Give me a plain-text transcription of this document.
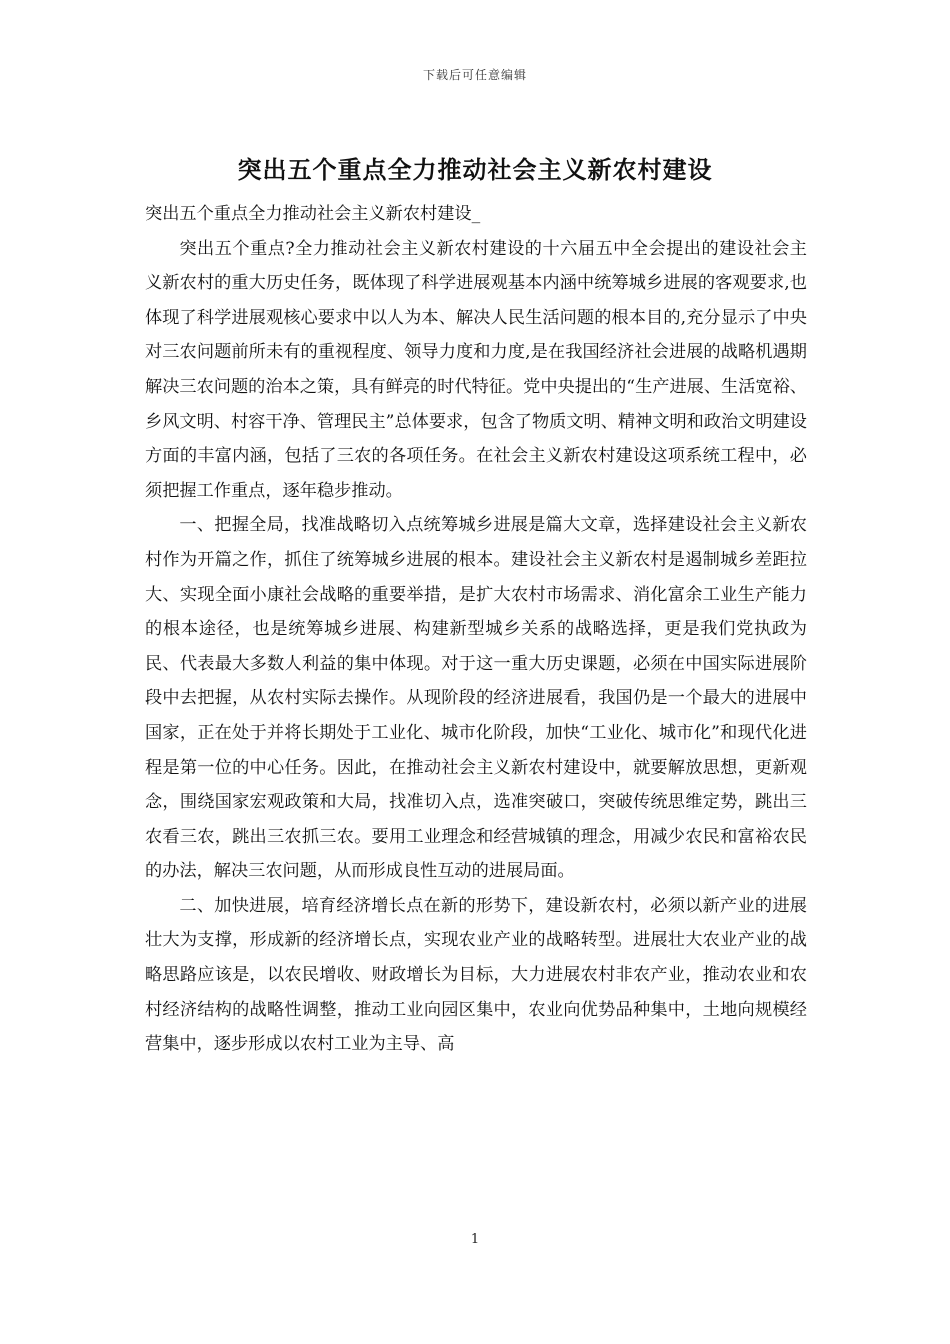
下载后可任意编辑
突出五个重点全力推动社会主义新农村建设

突出五个重点全力推动社会主义新农村建设_

突出五个重点?全力推动社会主义新农村建设的十六届五中全会提出的建设社会主义新农村的重大历史任务，既体现了科学进展观基本内涵中统筹城乡进展的客观要求,也体现了科学进展观核心要求中以人为本、解决人民生活问题的根本目的,充分显示了中央对三农问题前所未有的重视程度、领导力度和力度,是在我国经济社会进展的战略机遇期解决三农问题的治本之策，具有鲜亮的时代特征。党中央提出的“生产进展、生活宽裕、乡风文明、村容干净、管理民主”总体要求，包含了物质文明、精神文明和政治文明建设方面的丰富内涵，包括了三农的各项任务。在社会主义新农村建设这项系统工程中，必须把握工作重点，逐年稳步推动。

一、把握全局，找准战略切入点统筹城乡进展是篇大文章，选择建设社会主义新农村作为开篇之作，抓住了统筹城乡进展的根本。建设社会主义新农村是遏制城乡差距拉大、实现全面小康社会战略的重要举措，是扩大农村市场需求、消化富余工业生产能力的根本途径，也是统筹城乡进展、构建新型城乡关系的战略选择，更是我们党执政为民、代表最大多数人利益的集中体现。对于这一重大历史课题，必须在中国实际进展阶段中去把握，从农村实际去操作。从现阶段的经济进展看，我国仍是一个最大的进展中国家，正在处于并将长期处于工业化、城市化阶段，加快“工业化、城市化”和现代化进程是第一位的中心任务。因此，在推动社会主义新农村建设中，就要解放思想，更新观念，围绕国家宏观政策和大局，找准切入点，选准突破口，突破传统思维定势，跳出三农看三农，跳出三农抓三农。要用工业理念和经营城镇的理念，用减少农民和富裕农民的办法，解决三农问题，从而形成良性互动的进展局面。

二、加快进展，培育经济增长点在新的形势下，建设新农村，必须以新产业的进展壮大为支撑，形成新的经济增长点，实现农业产业的战略转型。进展壮大农业产业的战略思路应该是，以农民增收、财政增长为目标，大力进展农村非农产业，推动农业和农村经济结构的战略性调整，推动工业向园区集中，农业向优势品种集中，土地向规模经营集中，逐步形成以农村工业为主导、高

1
